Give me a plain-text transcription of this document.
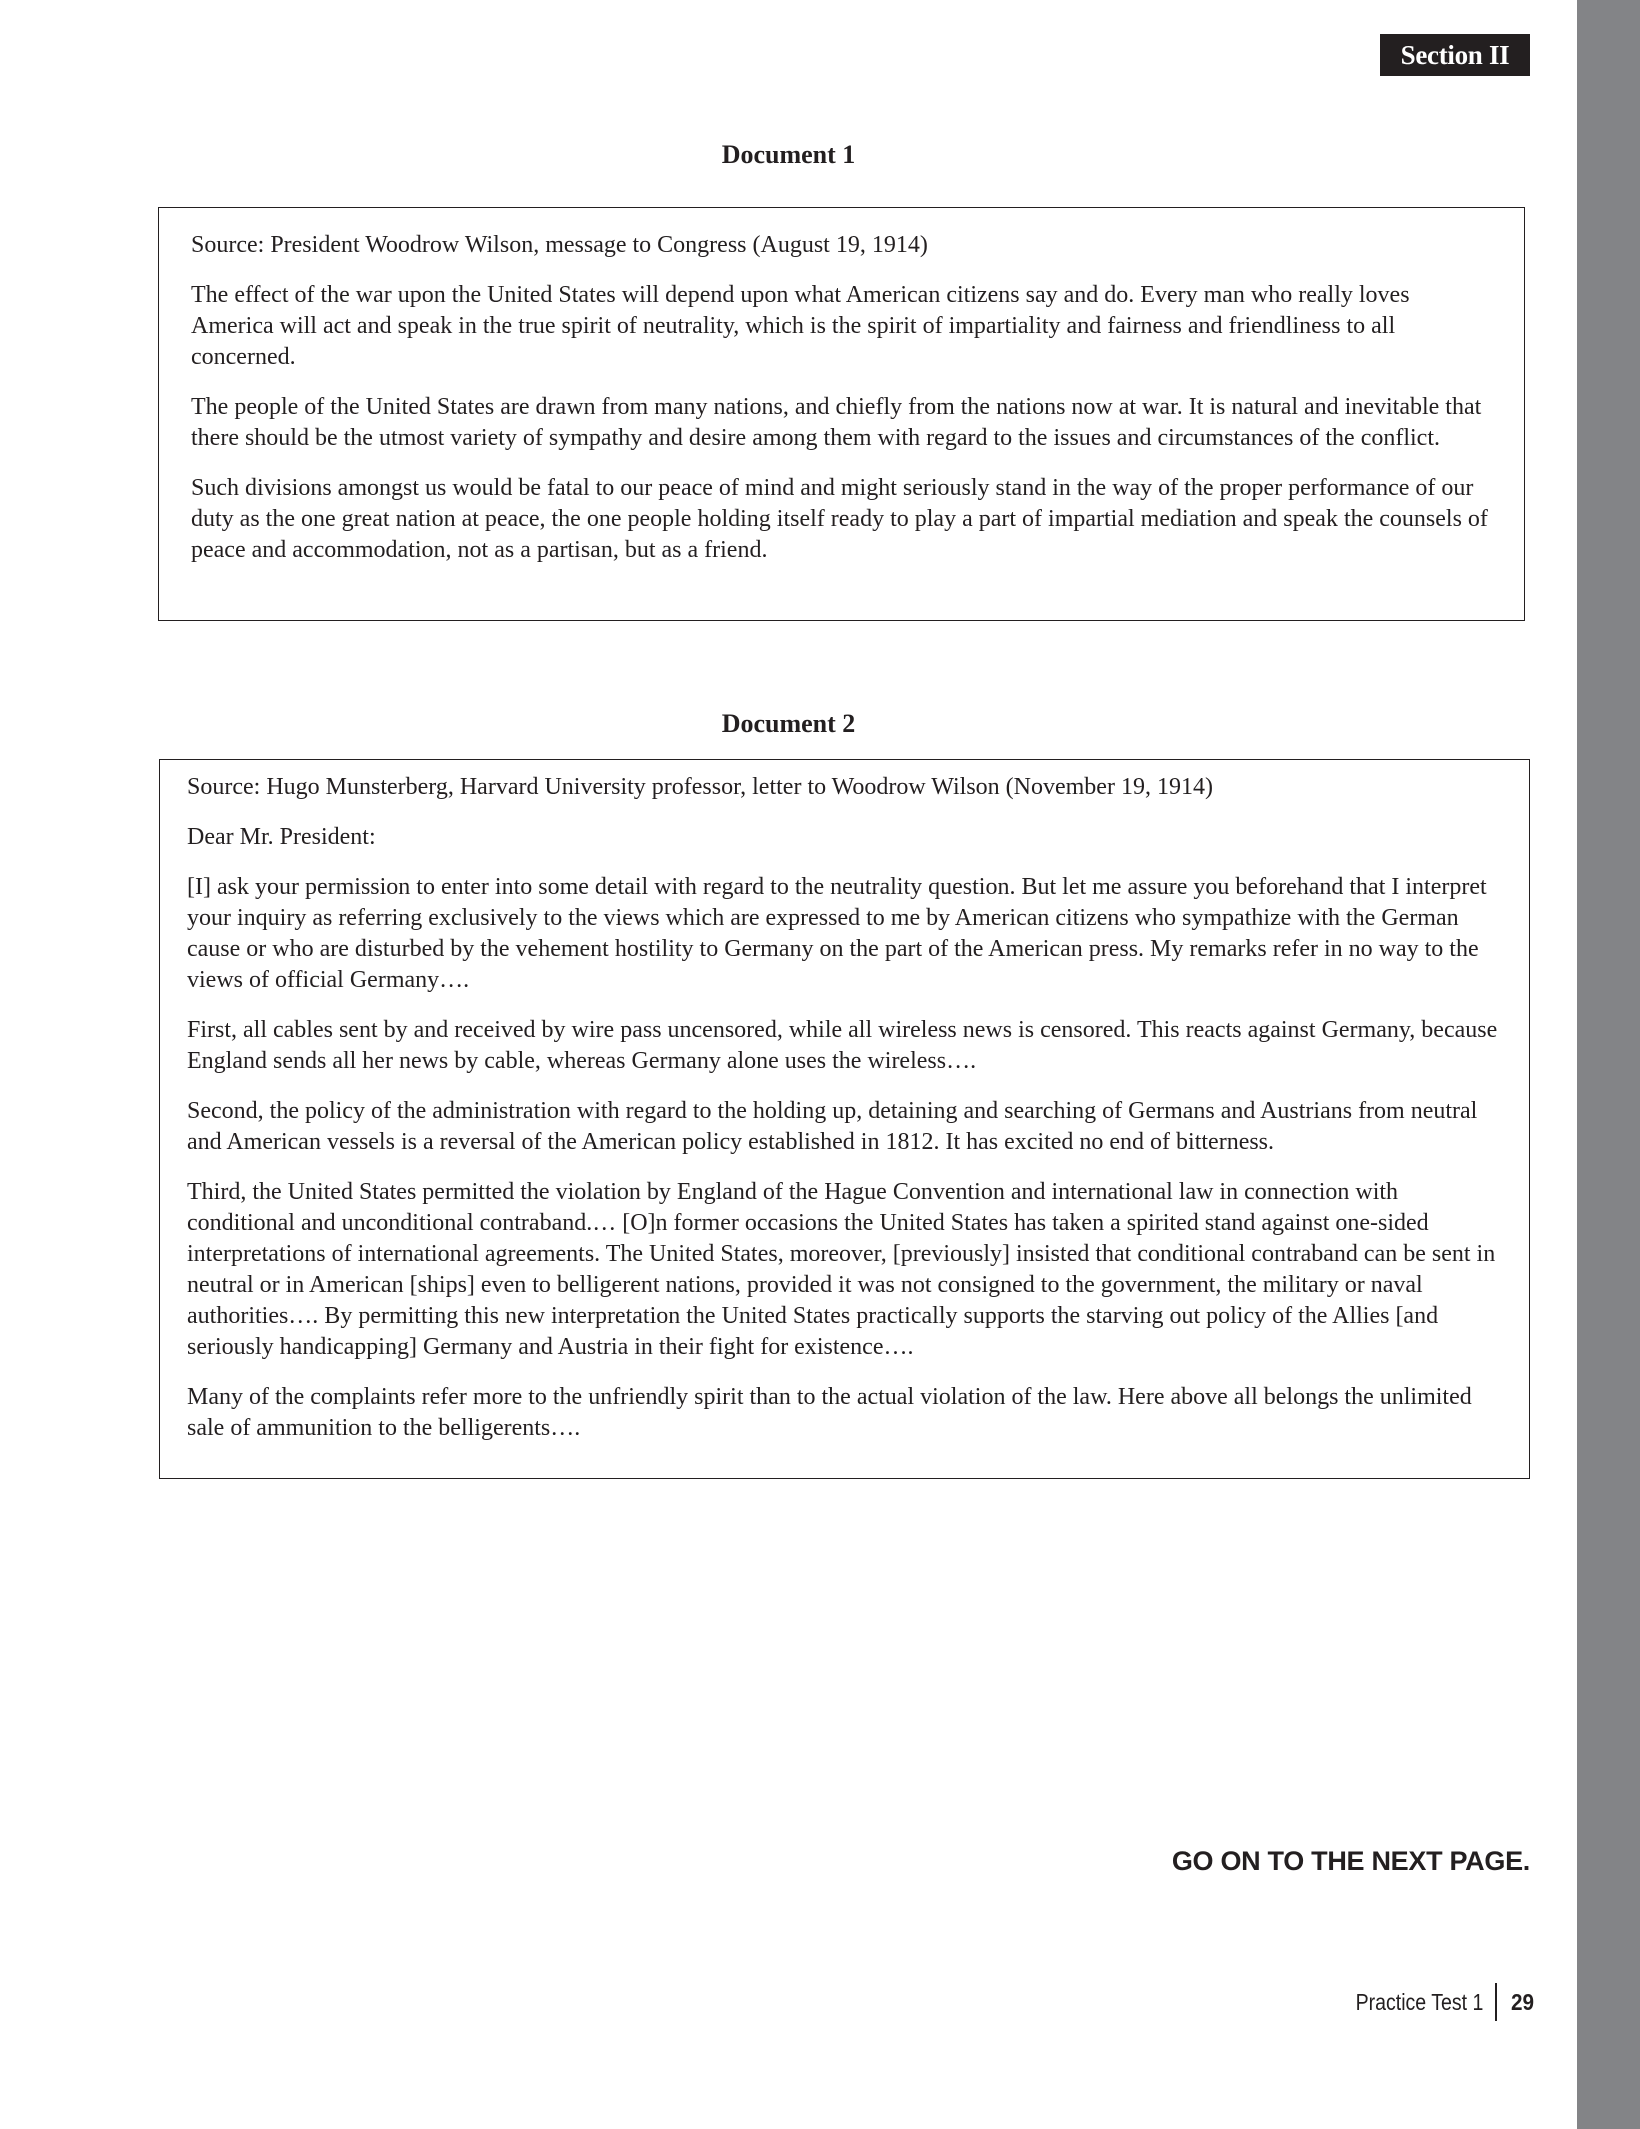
Section II
Document 1

Source: President Woodrow Wilson, message to Congress (August 19, 1914)

The effect of the war upon the United States will depend upon what American citizens say and do. Every man who really loves America will act and speak in the true spirit of neutrality, which is the spirit of impartiality and fairness and friendliness to all concerned.

The people of the United States are drawn from many nations, and chiefly from the nations now at war. It is natural and inevitable that there should be the utmost variety of sympathy and desire among them with regard to the issues and circumstances of the conflict.

Such divisions amongst us would be fatal to our peace of mind and might seriously stand in the way of the proper performance of our duty as the one great nation at peace, the one people holding itself ready to play a part of impartial mediation and speak the counsels of peace and accommodation, not as a partisan, but as a friend.

Document 2

Source: Hugo Munsterberg, Harvard University professor, letter to Woodrow Wilson (November 19, 1914)

Dear Mr. President:

[I] ask your permission to enter into some detail with regard to the neutrality question. But let me assure you beforehand that I interpret your inquiry as referring exclusively to the views which are expressed to me by American citizens who sympathize with the German cause or who are disturbed by the vehement hostility to Germany on the part of the American press. My remarks refer in no way to the views of official Germany….

First, all cables sent by and received by wire pass uncensored, while all wireless news is censored. This reacts against Germany, because England sends all her news by cable, whereas Germany alone uses the wireless….

Second, the policy of the administration with regard to the holding up, detaining and searching of Germans and Austrians from neutral and American vessels is a reversal of the American policy established in 1812. It has excited no end of bitterness.

Third, the United States permitted the violation by England of the Hague Convention and international law in connection with conditional and unconditional contraband.… [O]n former occasions the United States has taken a spirited stand against one-sided interpretations of international agreements. The United States, moreover, [previously] insisted that conditional contraband can be sent in neutral or in American [ships] even to belligerent nations, provided it was not consigned to the government, the military or naval authorities…. By permitting this new interpretation the United States practically supports the starving out policy of the Allies [and seriously handicapping] Germany and Austria in their fight for existence….

Many of the complaints refer more to the unfriendly spirit than to the actual violation of the law. Here above all belongs the unlimited sale of ammunition to the belligerents….

GO ON TO THE NEXT PAGE.
Practice Test 1 29
